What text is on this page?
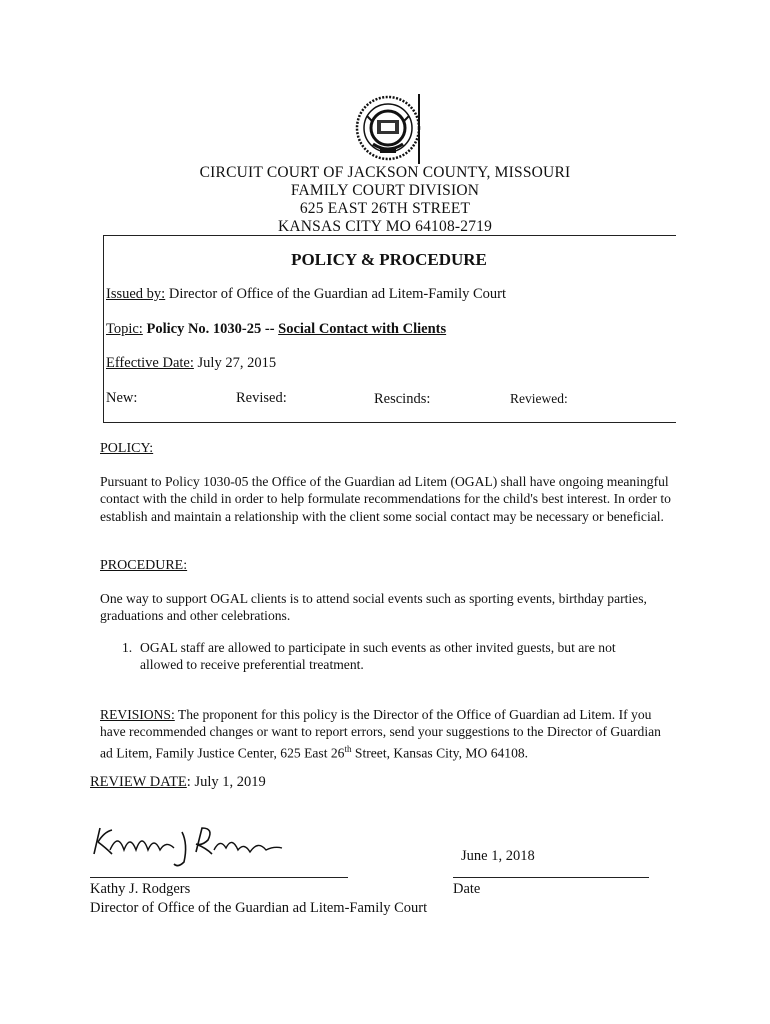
CIRCUIT COURT OF JACKSON COUNTY, MISSOURI
FAMILY COURT DIVISION
625 EAST 26TH STREET
KANSAS CITY MO 64108-2719
POLICY & PROCEDURE
Issued by: Director of Office of the Guardian ad Litem-Family Court
Topic: Policy No. 1030-25 -- Social Contact with Clients
Effective Date: July 27, 2015
New:	Revised:	Rescinds:	Reviewed:
POLICY:
Pursuant to Policy 1030-05 the Office of the Guardian ad Litem (OGAL) shall have ongoing meaningful contact with the child in order to help formulate recommendations for the child's best interest. In order to establish and maintain a relationship with the client some social contact may be necessary or beneficial.
PROCEDURE:
One way to support OGAL clients is to attend social events such as sporting events, birthday parties, graduations and other celebrations.
1. OGAL staff are allowed to participate in such events as other invited guests, but are not allowed to receive preferential treatment.
REVISIONS: The proponent for this policy is the Director of the Office of Guardian ad Litem. If you have recommended changes or want to report errors, send your suggestions to the Director of Guardian ad Litem, Family Justice Center, 625 East 26th Street, Kansas City, MO 64108.
REVIEW DATE: July 1, 2019
June 1, 2018
Kathy J. Rodgers
Director of Office of the Guardian ad Litem-Family Court
Date
